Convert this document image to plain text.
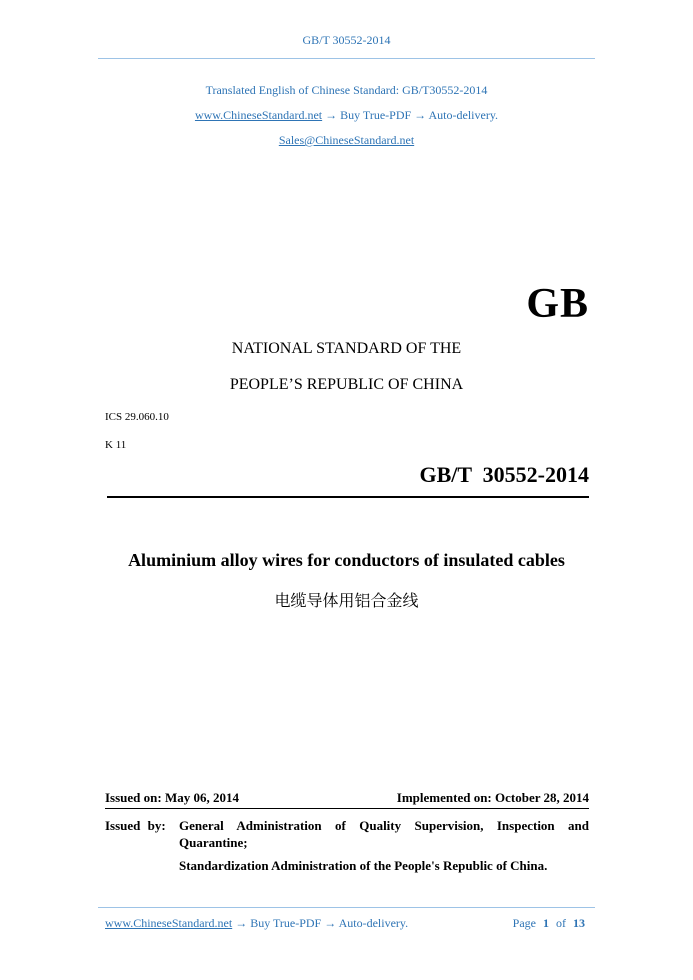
GB/T 30552-2014
Translated English of Chinese Standard: GB/T30552-2014
www.ChineseStandard.net → Buy True-PDF → Auto-delivery.
Sales@ChineseStandard.net
GB
NATIONAL STANDARD OF THE
PEOPLE’S REPUBLIC OF CHINA
ICS 29.060.10
K 11
GB/T  30552-2014
Aluminium alloy wires for conductors of insulated cables
电缆导体用铝合金线
Issued on: May 06, 2014	Implemented on: October 28, 2014
Issued by: General Administration of Quality Supervision, Inspection and
Quarantine;
Standardization Administration of the People's Republic of China.
www.ChineseStandard.net → Buy True-PDF → Auto-delivery.	Page 1 of 13
